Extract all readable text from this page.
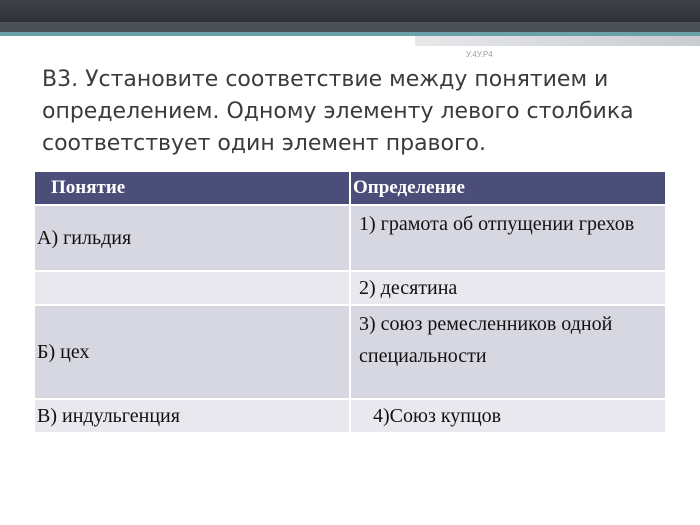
У.4У.Р4
В3. Установите соответствие между понятием и определением. Одному элементу левого столбика соответствует один элемент правого.
Понятие	Определение
А) гильдия	1) грамота об отпущении грехов
	2) десятина
Б) цех	3) союз ремесленников одной специальности
В) индульгенция	4)Союз купцов
